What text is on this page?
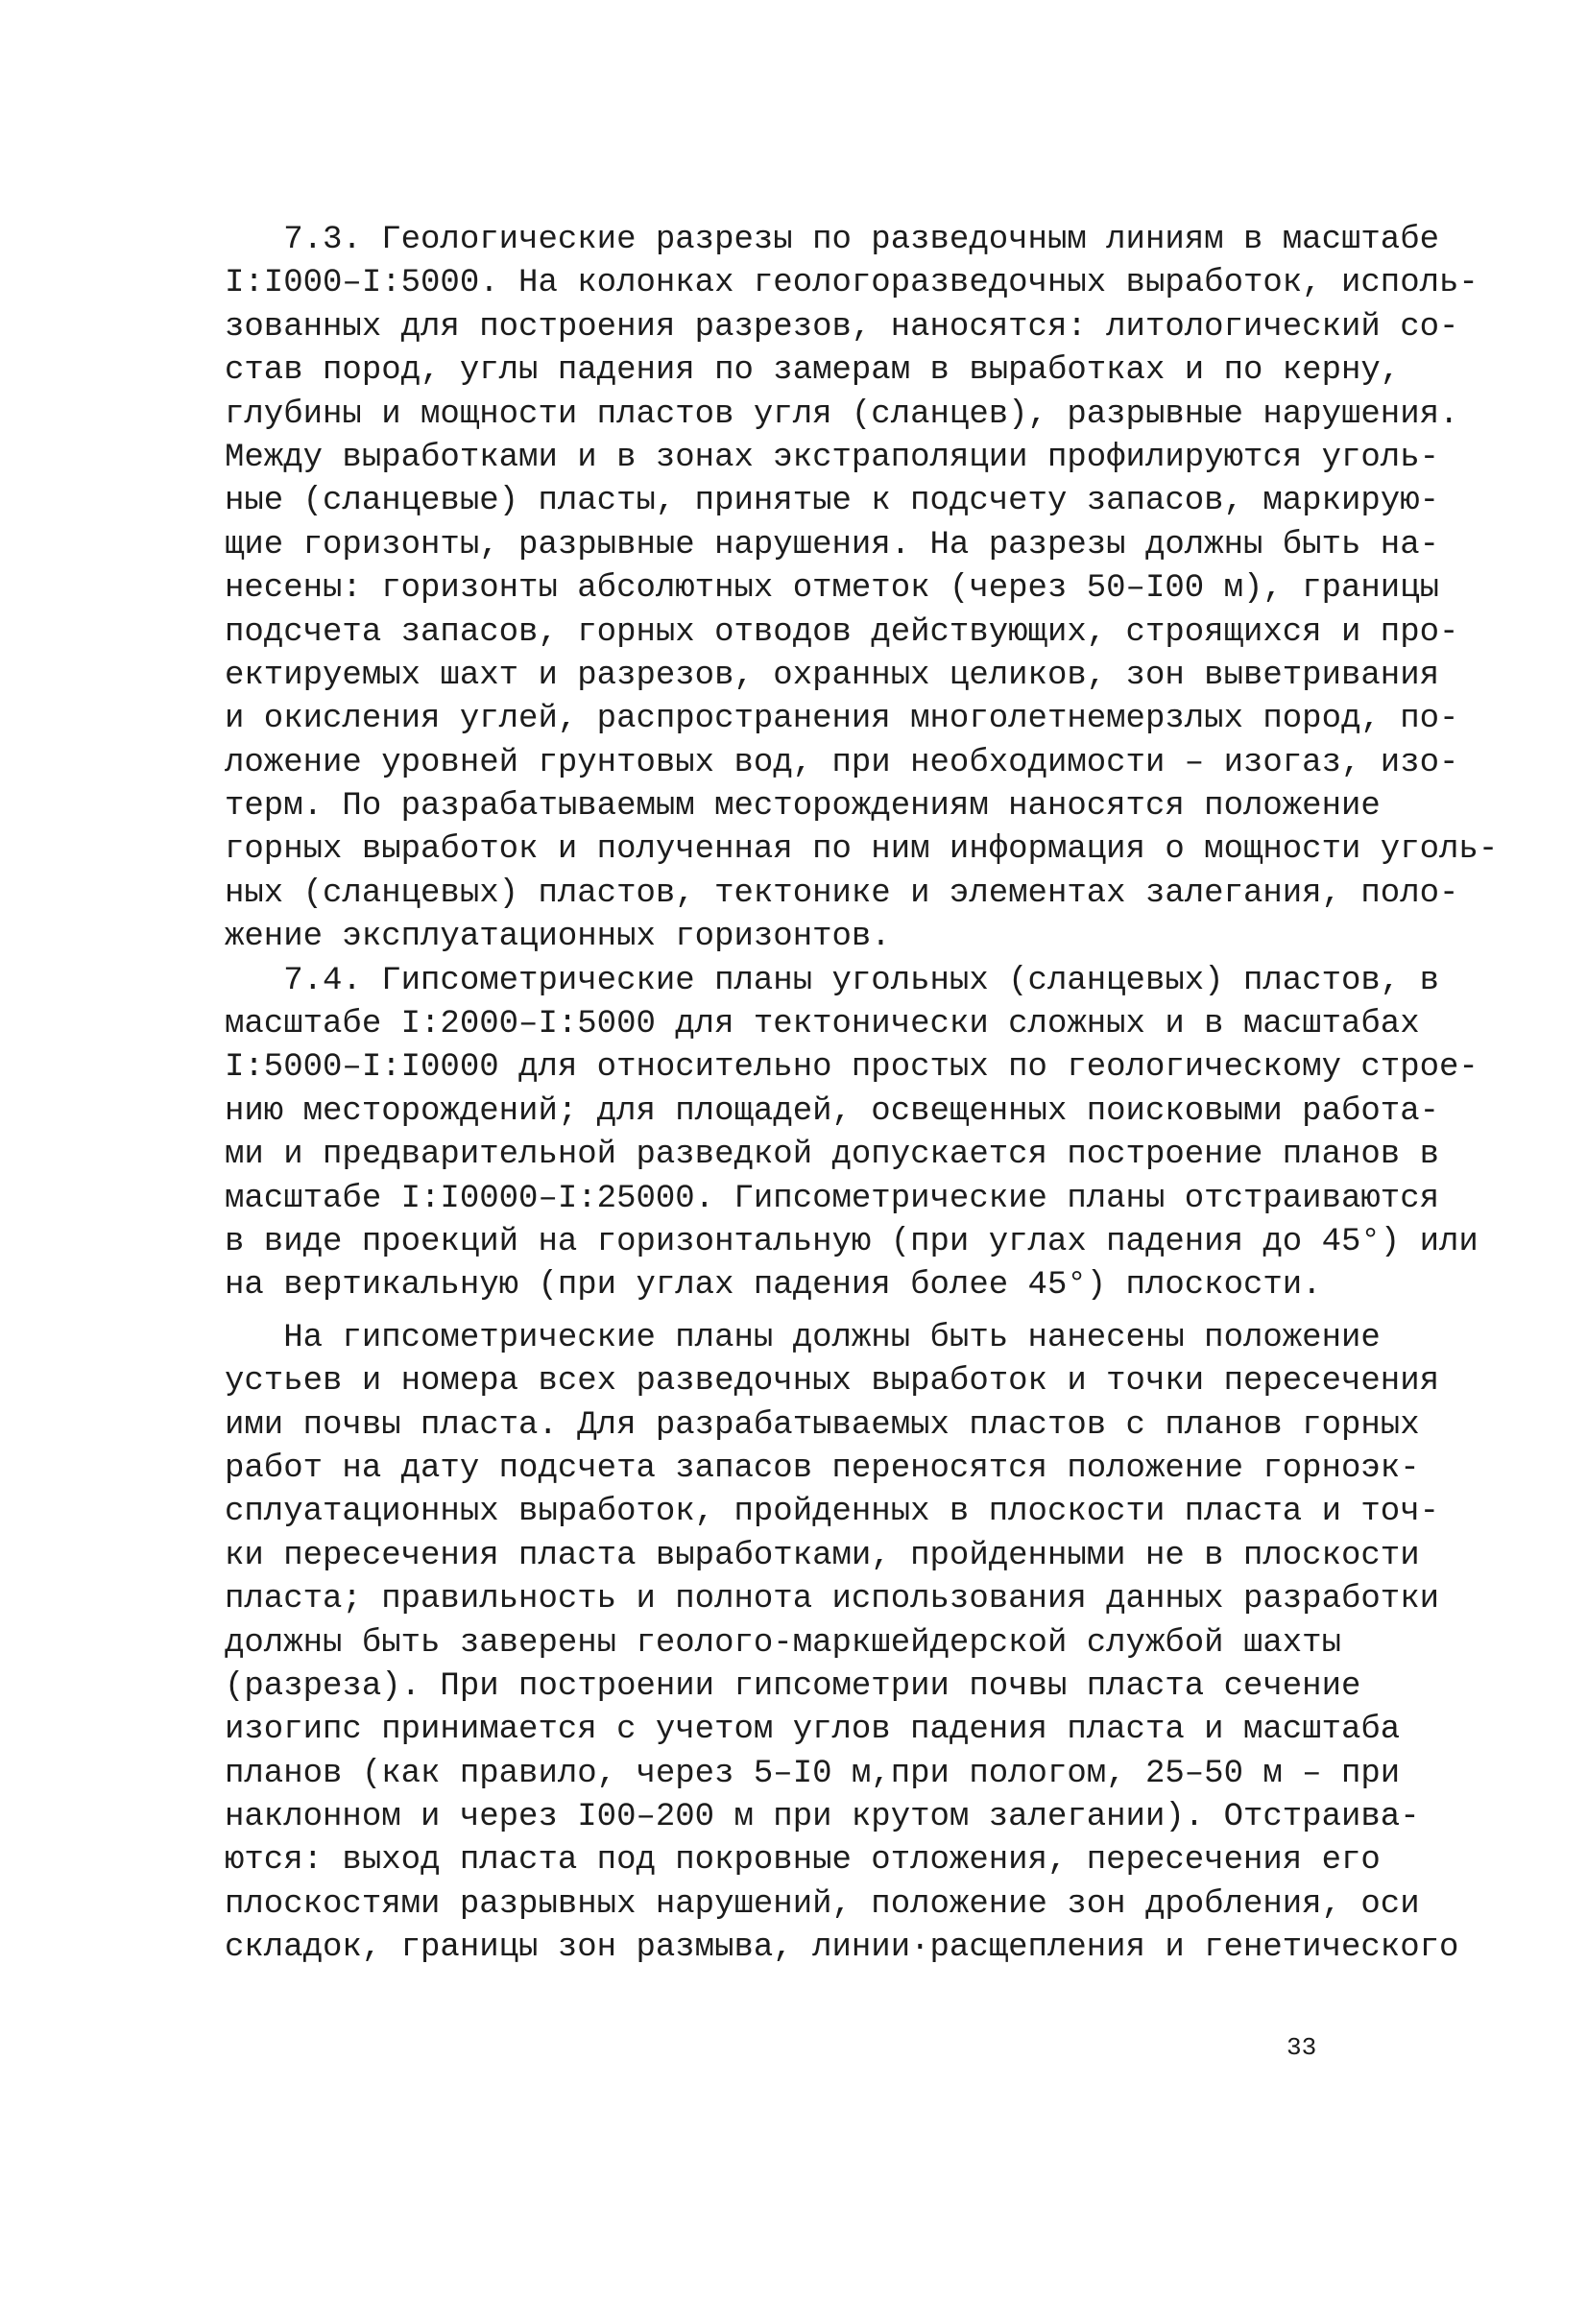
7.3. Геологические разрезы по разведочным линиям в масштабе
I:I000–I:5000. На колонках геологоразведочных выработок, исполь-
зованных для построения разрезов, наносятся: литологический со-
став пород, углы падения по замерам в выработках и по керну,
глубины и мощности пластов угля (сланцев), разрывные нарушения.
Между выработками и в зонах экстраполяции профилируются уголь-
ные (сланцевые) пласты, принятые к подсчету запасов, маркирую-
щие горизонты, разрывные нарушения. На разрезы должны быть на-
несены: горизонты абсолютных отметок (через 50–I00 м), границы
подсчета запасов, горных отводов действующих, строящихся и про-
ектируемых шахт и разрезов, охранных целиков, зон выветривания
и окисления углей, распространения многолетнемерзлых пород, по-
ложение уровней грунтовых вод, при необходимости – изогаз, изо-
терм. По разрабатываемым месторождениям наносятся положение
горных выработок и полученная по ним информация о мощности уголь-
ных (сланцевых) пластов, тектонике и элементах залегания, поло-
жение эксплуатационных горизонтов.
7.4. Гипсометрические планы угольных (сланцевых) пластов, в
масштабе I:2000–I:5000 для тектонически сложных и в масштабах
I:5000–I:I0000 для относительно простых по геологическому строе-
нию месторождений; для площадей, освещенных поисковыми работа-
ми и предварительной разведкой допускается построение планов в
масштабе I:I0000–I:25000. Гипсометрические планы отстраиваются
в виде проекций на горизонтальную (при углах падения до 45°) или
на вертикальную (при углах падения более 45°) плоскости.
На гипсометрические планы должны быть нанесены положение
устьев и номера всех разведочных выработок и точки пересечения
ими почвы пласта. Для разрабатываемых пластов с планов горных
работ на дату подсчета запасов переносятся положение горноэк-
сплуатационных выработок, пройденных в плоскости пласта и точ-
ки пересечения пласта выработками, пройденными не в плоскости
пласта; правильность и полнота использования данных разработки
должны быть заверены геолого-маркшейдерской службой шахты
(разреза). При построении гипсометрии почвы пласта сечение
изогипс принимается с учетом углов падения пласта и масштаба
планов (как правило, через 5–I0 м,при пологом, 25–50 м – при
наклонном и через I00–200 м при крутом залегании). Отстраива-
ются: выход пласта под покровные отложения, пересечения его
плоскостями разрывных нарушений, положение зон дробления, оси
складок, границы зон размыва, линии·расщепления и генетического
33
